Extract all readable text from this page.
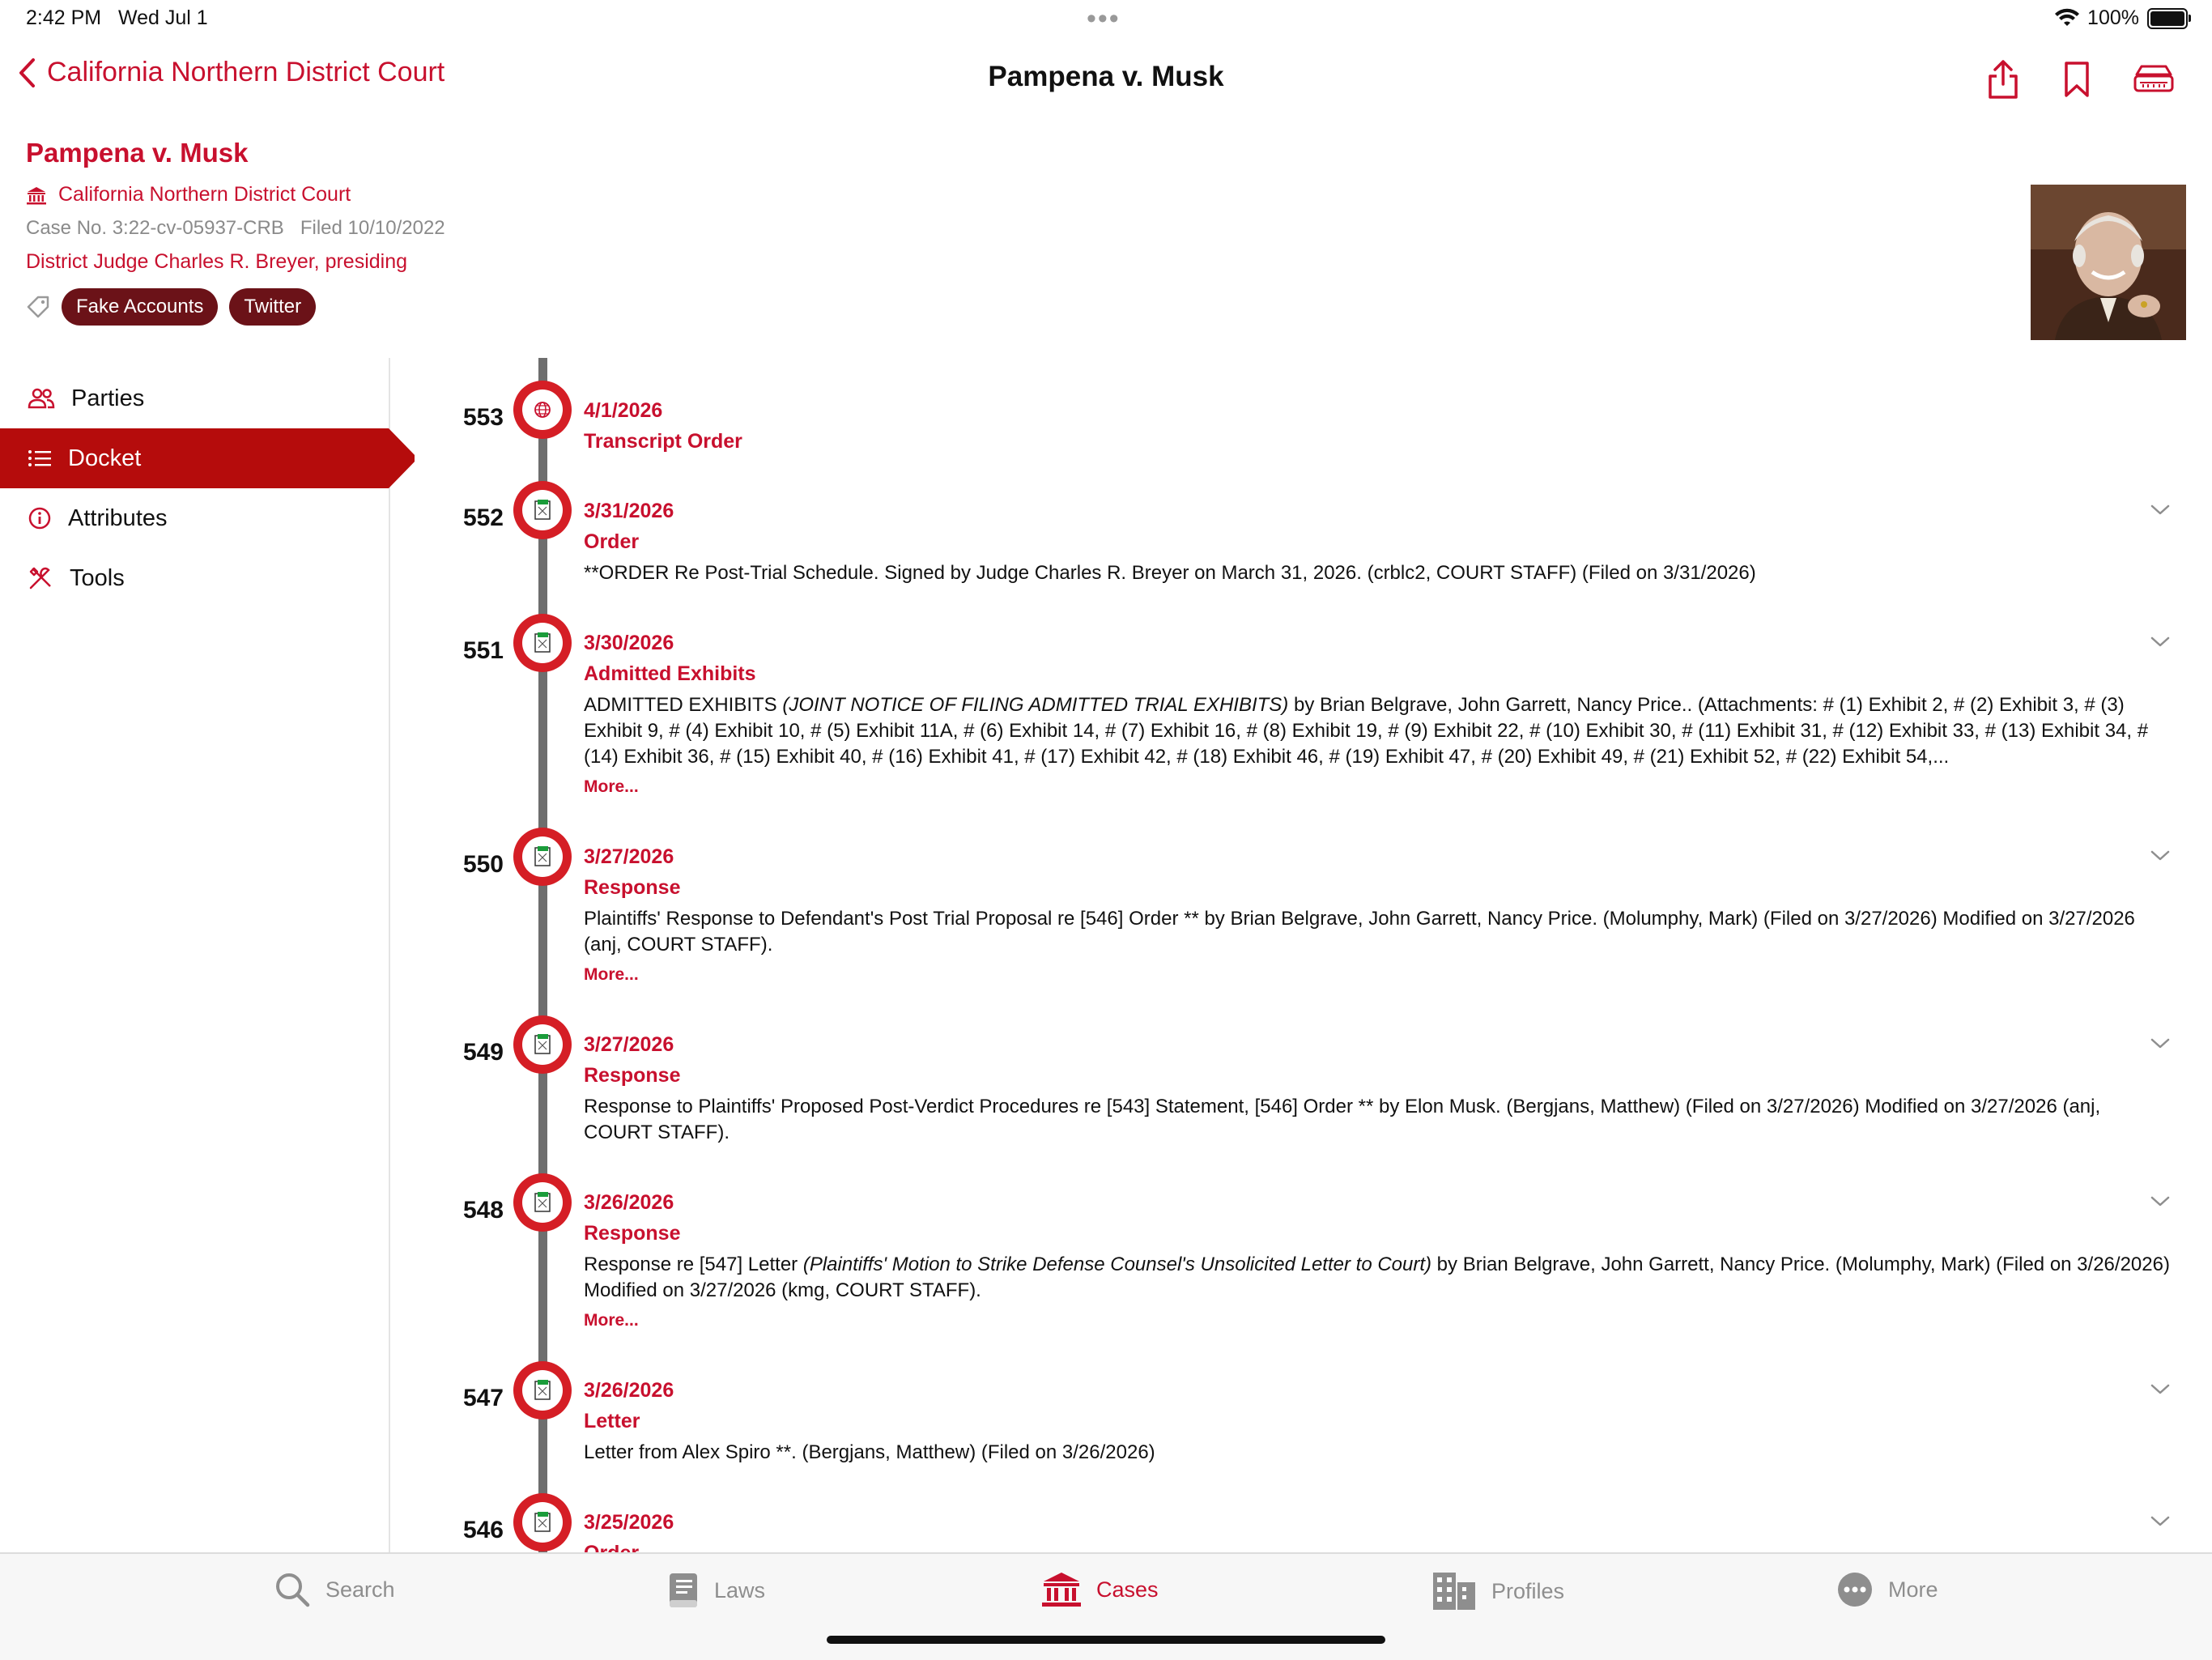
2:42 PM Wed Jul 1	•••	100%
California Northern District Court	Pampena v. Musk
Pampena v. Musk
California Northern District Court
Case No. 3:22-cv-05937-CRB Filed 10/10/2022
District Judge Charles R. Breyer, presiding
Fake Accounts	Twitter
Parties
Docket
Attributes
Tools
553	4/1/2026
Transcript Order
552	3/31/2026
Order
**ORDER Re Post-Trial Schedule. Signed by Judge Charles R. Breyer on March 31, 2026. (crblc2, COURT STAFF) (Filed on 3/31/2026)
551	3/30/2026
Admitted Exhibits
ADMITTED EXHIBITS (JOINT NOTICE OF FILING ADMITTED TRIAL EXHIBITS) by Brian Belgrave, John Garrett, Nancy Price.. (Attachments: # (1) Exhibit 2, # (2) Exhibit 3, # (3) Exhibit 9, # (4) Exhibit 10, # (5) Exhibit 11A, # (6) Exhibit 14, # (7) Exhibit 16, # (8) Exhibit 19, # (9) Exhibit 22, # (10) Exhibit 30, # (11) Exhibit 31, # (12) Exhibit 33, # (13) Exhibit 34, # (14) Exhibit 36, # (15) Exhibit 40, # (16) Exhibit 41, # (17) Exhibit 42, # (18) Exhibit 46, # (19) Exhibit 47, # (20) Exhibit 49, # (21) Exhibit 52, # (22) Exhibit 54,...
More...
550	3/27/2026
Response
Plaintiffs' Response to Defendant's Post Trial Proposal re [546] Order ** by Brian Belgrave, John Garrett, Nancy Price. (Molumphy, Mark) (Filed on 3/27/2026) Modified on 3/27/2026 (anj, COURT STAFF).
More...
549	3/27/2026
Response
Response to Plaintiffs' Proposed Post-Verdict Procedures re [543] Statement, [546] Order ** by Elon Musk. (Bergjans, Matthew) (Filed on 3/27/2026) Modified on 3/27/2026 (anj, COURT STAFF).
548	3/26/2026
Response
Response re [547] Letter (Plaintiffs' Motion to Strike Defense Counsel's Unsolicited Letter to Court) by Brian Belgrave, John Garrett, Nancy Price. (Molumphy, Mark) (Filed on 3/26/2026) Modified on 3/27/2026 (kmg, COURT STAFF).
More...
547	3/26/2026
Letter
Letter from Alex Spiro **. (Bergjans, Matthew) (Filed on 3/26/2026)
546	3/25/2026
Search	Laws	Cases	Profiles	More
